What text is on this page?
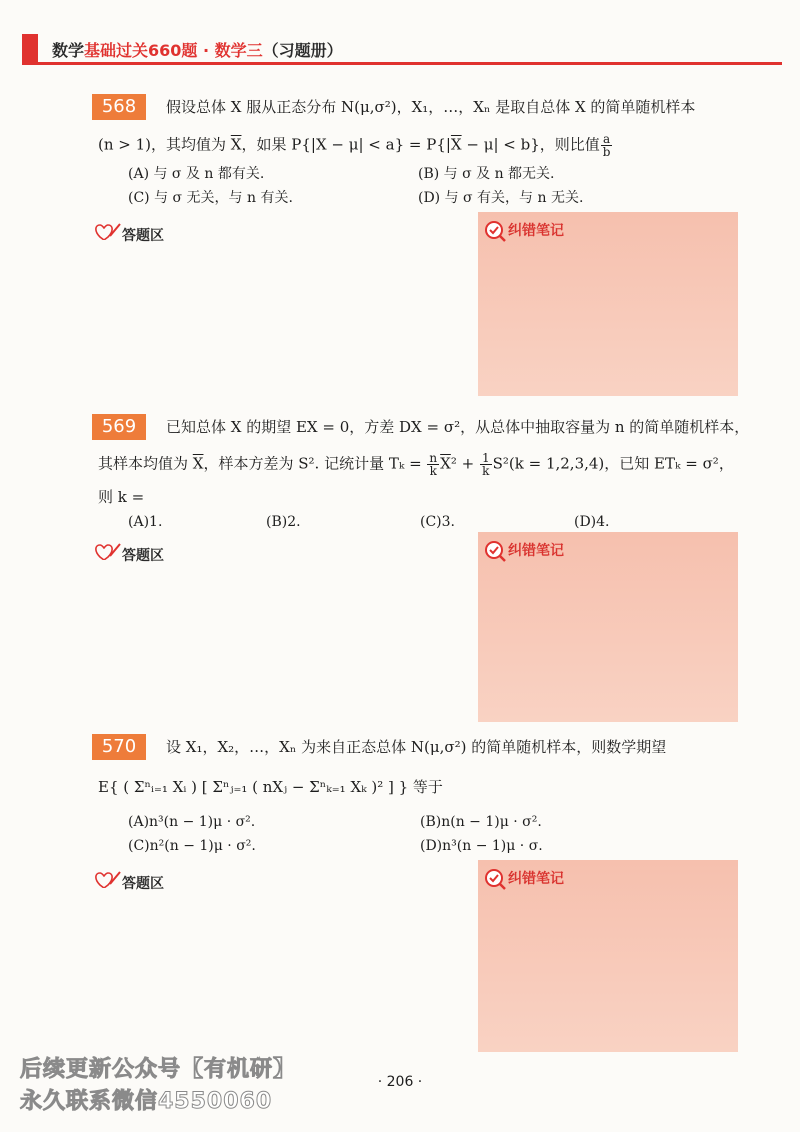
数学基础过关660题 · 数学三（习题册）
568	假设总体 X 服从正态分布 N(μ,σ²)，X₁，…，Xₙ 是取自总体 X 的简单随机样本
(n > 1)，其均值为 $\overline{X}$，如果 $P\{|X - \mu| < a\} = P\{|\overline{X} - \mu| < b\}$，则比值 $\frac{a}{b}$
(A) 与 σ 及 n 都有关.	(B) 与 σ 及 n 都无关.
(C) 与 σ 无关，与 n 有关.	(D) 与 σ 有关，与 n 无关.
答题区	纠错笔记
569	已知总体 X 的期望 EX = 0，方差 DX = σ²，从总体中抽取容量为 n 的简单随机样本，
其样本均值为 $\overline{X}$，样本方差为 S². 记统计量 $T_k = \frac{n}{k} \overline{X}^2 + \frac{1}{k} S^2(k = 1,2,3,4)$，已知 ETₖ = σ²，
则 k =
(A)1.	(B)2.	(C)3.	(D)4.
答题区	纠错笔记
570	设 X₁，X₂，…，Xₙ 为来自正态总体 N(μ,σ²) 的简单随机样本，则数学期望
E{ ( Σⁿᵢ₌₁ Xᵢ ) [ Σⁿⱼ₌₁ ( nXⱼ − Σⁿₖ₌₁ Xₖ )² ] } 等于
(A)n³(n − 1)μ · σ².	(B)n(n − 1)μ · σ².
(C)n²(n − 1)μ · σ².	(D)n³(n − 1)μ · σ.
答题区	纠错笔记
· 206 ·
后续更新公众号【有机研】
永久联系微信4550060
